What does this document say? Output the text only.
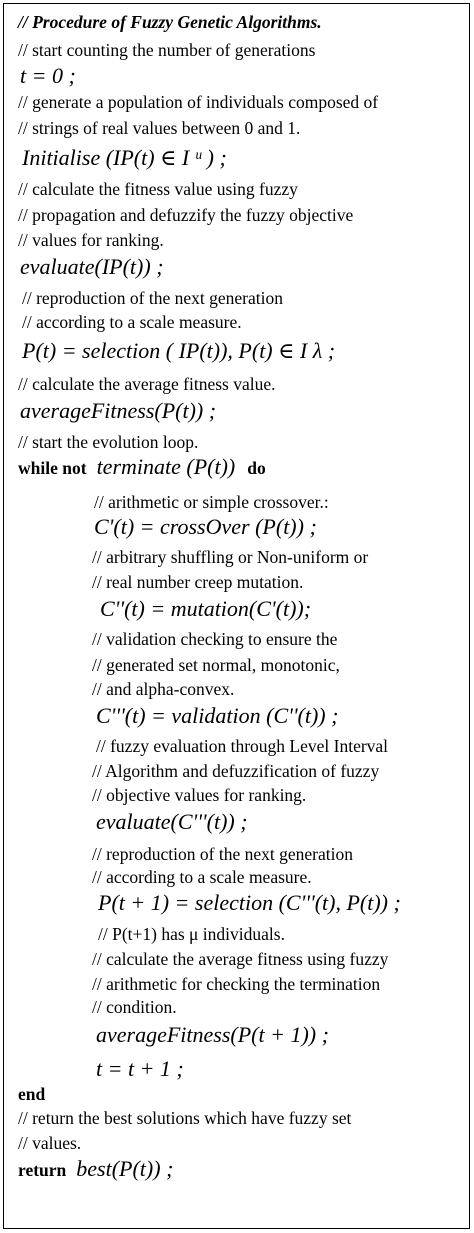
// Procedure of Fuzzy Genetic Algorithms.
// start counting the number of generations
t = 0 ;
// generate a population of individuals composed of
// strings of real values between 0 and 1.
Initialise (IP(t) ∈ I ᵘ ) ;
// calculate the fitness value using fuzzy
// propagation and defuzzify the fuzzy objective
// values for ranking.
evaluate(IP(t)) ;
// reproduction of the next generation
// according to a scale measure.
P(t) = selection ( IP(t)), P(t) ∈ I λ ;
// calculate the average fitness value.
averageFitness(P(t)) ;
// start the evolution loop.
while not terminate (P(t)) do
// arithmetic or simple crossover.:
C'(t) = crossOver (P(t)) ;
// arbitrary shuffling or Non-uniform or
// real number creep mutation.
C''(t) = mutation(C'(t));
// validation checking to ensure the
// generated set normal, monotonic,
// and alpha-convex.
C'''(t) = validation (C''(t)) ;
// fuzzy evaluation through Level Interval
// Algorithm and defuzzification of fuzzy
// objective values for ranking.
evaluate(C'''(t)) ;
// reproduction of the next generation
// according to a scale measure.
P(t + 1) = selection (C'''(t), P(t)) ;
// P(t+1) has μ individuals.
// calculate the average fitness using fuzzy
// arithmetic for checking the termination
// condition.
averageFitness(P(t + 1)) ;
t = t + 1 ;
end
// return the best solutions which have fuzzy set
// values.
return best(P(t)) ;
